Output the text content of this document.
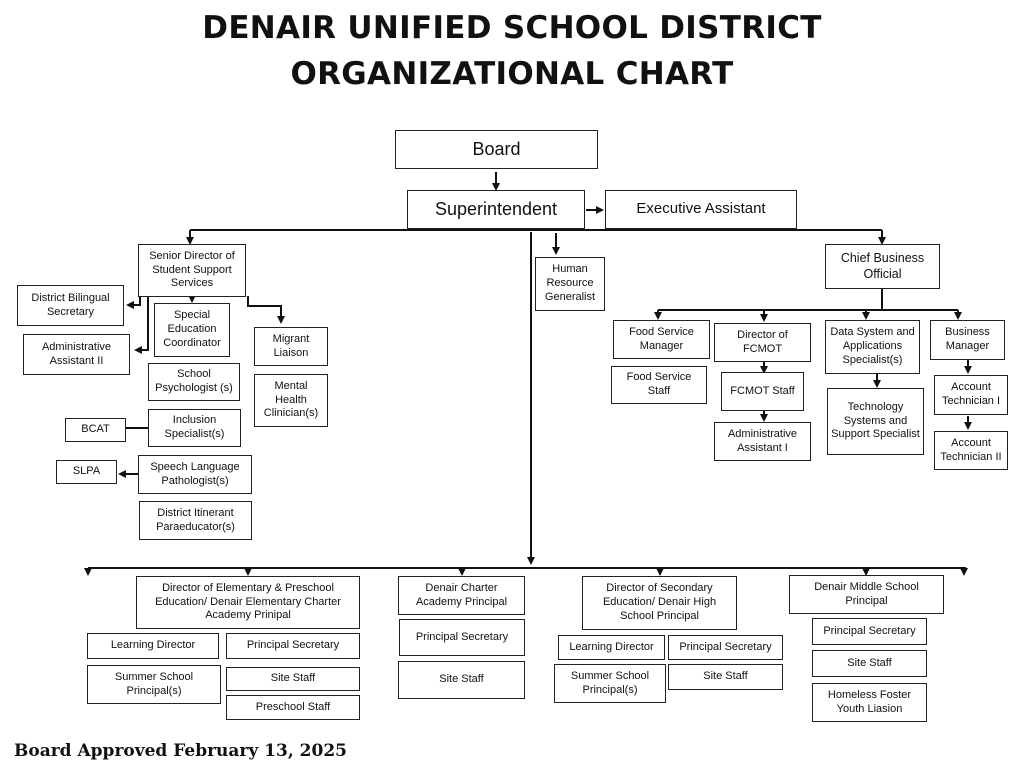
DENAIR UNIFIED SCHOOL DISTRICT
ORGANIZATIONAL CHART
Board
Superintendent	Executive Assistant
Senior Director of Student Support Services
District Bilingual Secretary
Administrative Assistant II
Special Education Coordinator
School Psychologist (s)
Inclusion Specialist(s)
BCAT
Speech Language Pathologist(s)
SLPA
District Itinerant Paraeducator(s)
Migrant Liaison
Mental Health Clinician(s)
Human Resource Generalist
Chief Business Official
Food Service Manager
Food Service Staff
Director of FCMOT
FCMOT Staff
Administrative Assistant I
Data System and Applications Specialist(s)
Technology Systems and Support Specialist
Business Manager
Account Technician I
Account Technician II
Director of Elementary & Preschool Education/ Denair Elementary Charter Academy Prinipal
Learning Director	Principal Secretary
Summer School Principal(s)
Site Staff
Preschool Staff
Denair Charter Academy Principal
Principal Secretary
Site Staff
Director of Secondary Education/ Denair High School Principal
Learning Director	Principal Secretary
Summer School Principal(s)
Site Staff
Denair Middle School Principal
Principal Secretary
Site Staff
Homeless Foster Youth Liasion
Board Approved February 13, 2025
